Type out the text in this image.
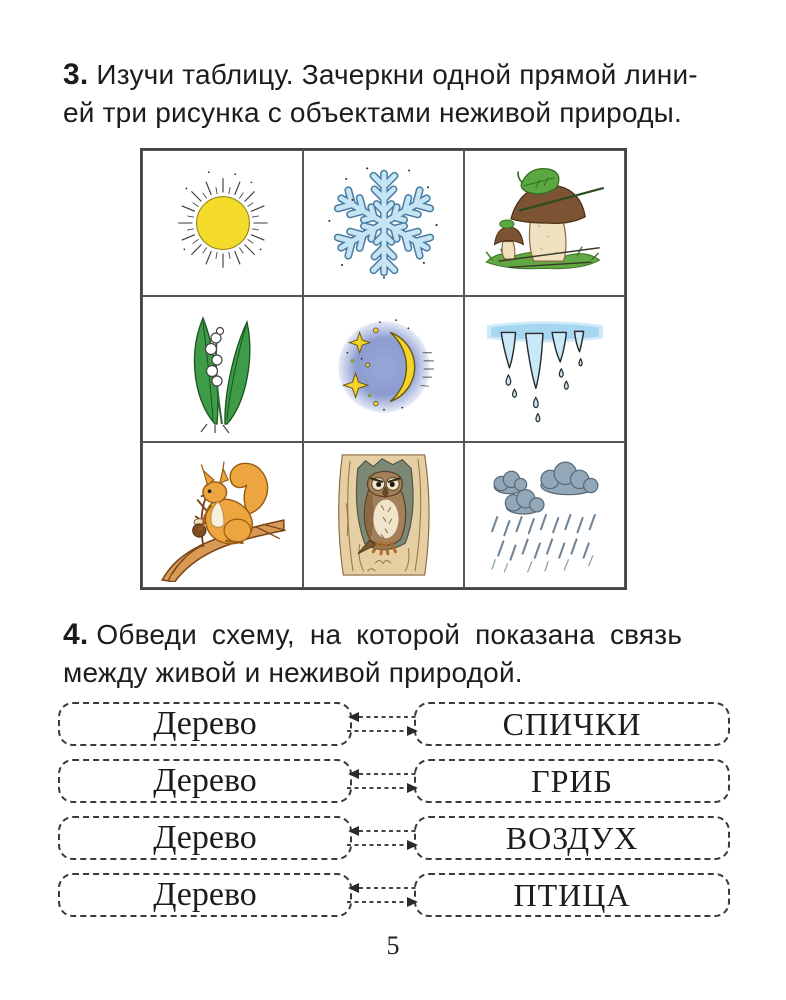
3. Изучи таблицу. Зачеркни одной прямой лини-
ей три рисунка с объектами неживой природы.

4. Обведи схему, на которой показана связь
между живой и неживой природой.

Дерево	СПИЧКИ
Дерево	ГРИБ
Дерево	ВОЗДУХ
Дерево	ПТИЦА
5
